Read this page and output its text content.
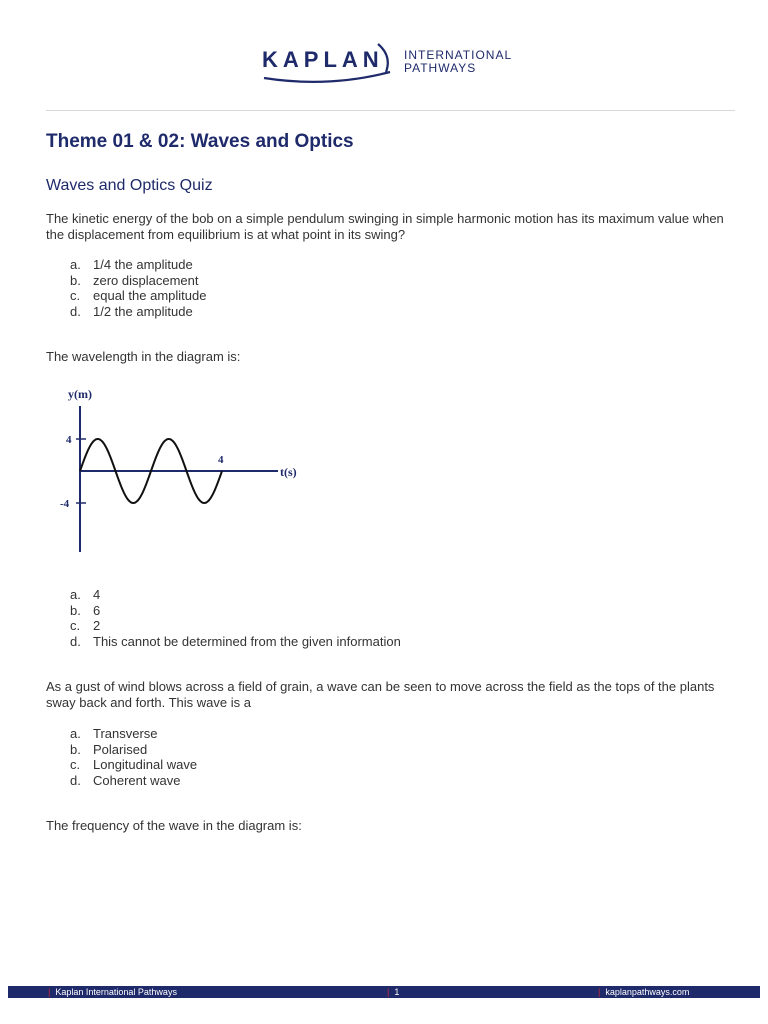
KAPLAN INTERNATIONAL
PATHWAYS
Theme 01 & 02: Waves and Optics
Waves and Optics Quiz

The kinetic energy of the bob on a simple pendulum swinging in simple harmonic motion has its maximum value when the displacement from equilibrium is at what point in its swing?

a. 1/4 the amplitude
b. zero displacement
c. equal the amplitude
d. 1/2 the amplitude

The wavelength in the diagram is:

y(m)
t(s)
4
-4
4
a. 4
b. 6
c. 2
d. This cannot be determined from the given information

As a gust of wind blows across a field of grain, a wave can be seen to move across the field as the tops of the plants sway back and forth. This wave is a

a. Transverse
b. Polarised
c. Longitudinal wave
d. Coherent wave

The frequency of the wave in the diagram is:

| Kaplan International Pathways	| 1	| kaplanpathways.com
